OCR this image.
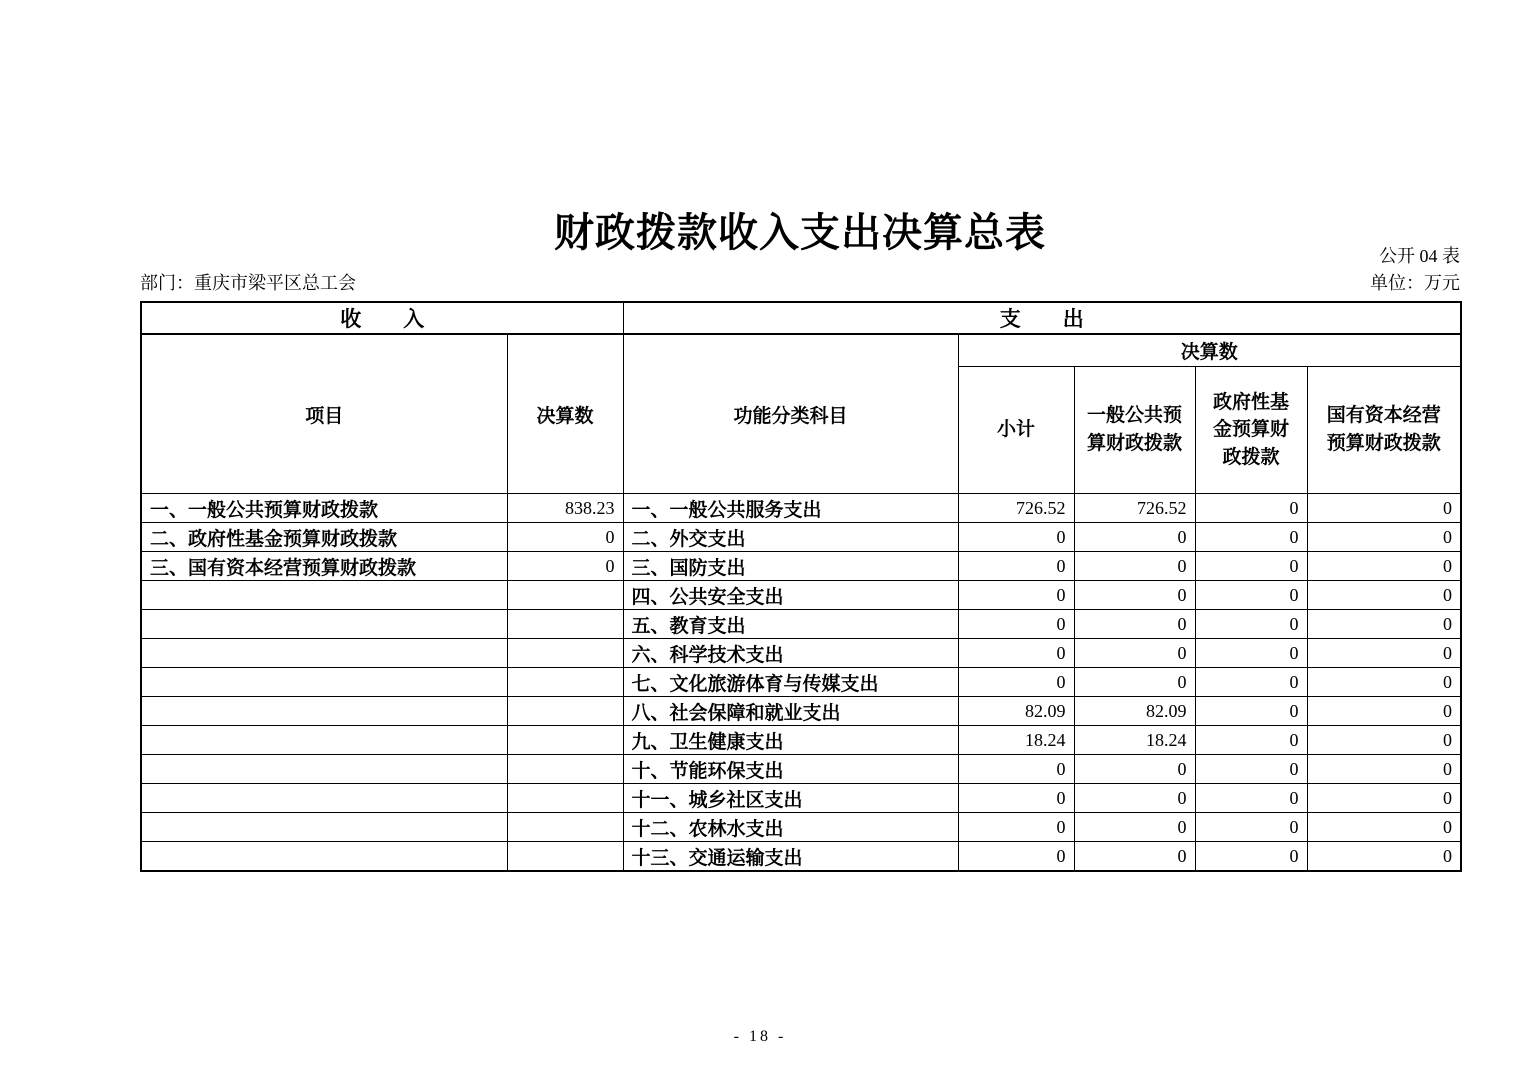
财政拨款收入支出决算总表
公开 04 表
部门：重庆市梁平区总工会	单位：万元
收　　入		支　　出				
项目	决算数	功能分类科目	决算数			
			小计	一般公共预算财政拨款	政府性基金预算财政拨款	国有资本经营预算财政拨款
一、一般公共预算财政拨款	838.23	一、一般公共服务支出	726.52	726.52	0	0
二、政府性基金预算财政拨款	0	二、外交支出	0	0	0	0
三、国有资本经营预算财政拨款	0	三、国防支出	0	0	0	0
		四、公共安全支出	0	0	0	0
		五、教育支出	0	0	0	0
		六、科学技术支出	0	0	0	0
		七、文化旅游体育与传媒支出	0	0	0	0
		八、社会保障和就业支出	82.09	82.09	0	0
		九、卫生健康支出	18.24	18.24	0	0
		十、节能环保支出	0	0	0	0
		十一、城乡社区支出	0	0	0	0
		十二、农林水支出	0	0	0	0
		十三、交通运输支出	0	0	0	0
- 18 -
